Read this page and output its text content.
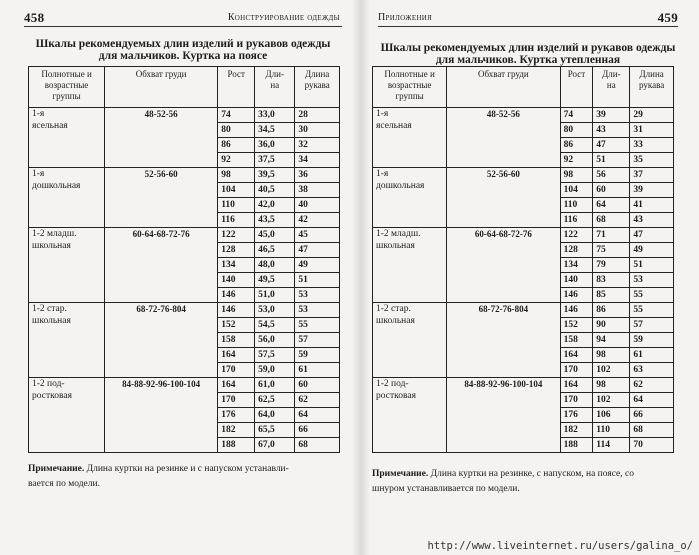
458	Конструирование одежды
Шкалы рекомендуемых длин изделий и рукавов одежды
для мальчиков. Куртка на поясе
Полнотные и
возрастные
группы	Обхват груди	Рост	Дли-
на	Длина
рукава

1-я
ясельная	48-52-56	74	33,0	28
		80	34,5	30
		86	36,0	32
		92	37,5	34

1-я
дошкольная	52-56-60	98	39,5	36
		104	40,5	38
		110	42,0	40
		116	43,5	42

1-2 младш.
школьная	60-64-68-72-76	122	45,0	45
		128	46,5	47
		134	48,0	49
		140	49,5	51
		146	51,0	53

1-2 стар.
школьная	68-72-76-804	146	53,0	53
		152	54,5	55
		158	56,0	57
		164	57,5	59
		170	59,0	61

1-2 под-
ростковая	84-88-92-96-100-104	164	61,0	60
		170	62,5	62
		176	64,0	64
		182	65,5	66
		188	67,0	68
Примечание. Длина куртки на резинке и с напуском устанавли-
вается по модели.
Приложения	459
Шкалы рекомендуемых длин изделий и рукавов одежды
для мальчиков. Куртка утепленная
Полнотные и
возрастные
группы	Обхват груди	Рост	Дли-
на	Длина
рукава

1-я
ясельная	48-52-56	74	39	29
		80	43	31
		86	47	33
		92	51	35

1-я
дошкольная	52-56-60	98	56	37
		104	60	39
		110	64	41
		116	68	43

1-2 младш.
школьная	60-64-68-72-76	122	71	47
		128	75	49
		134	79	51
		140	83	53
		146	85	55

1-2 стар.
школьная	68-72-76-804	146	86	55
		152	90	57
		158	94	59
		164	98	61
		170	102	63

1-2 под-
ростковая	84-88-92-96-100-104	164	98	62
		170	102	64
		176	106	66
		182	110	68
		188	114	70
Примечание. Длина куртки на резинке, с напуском, на поясе, со
шнуром устанавливается по модели.
http://www.liveinternet.ru/users/galina_o/
